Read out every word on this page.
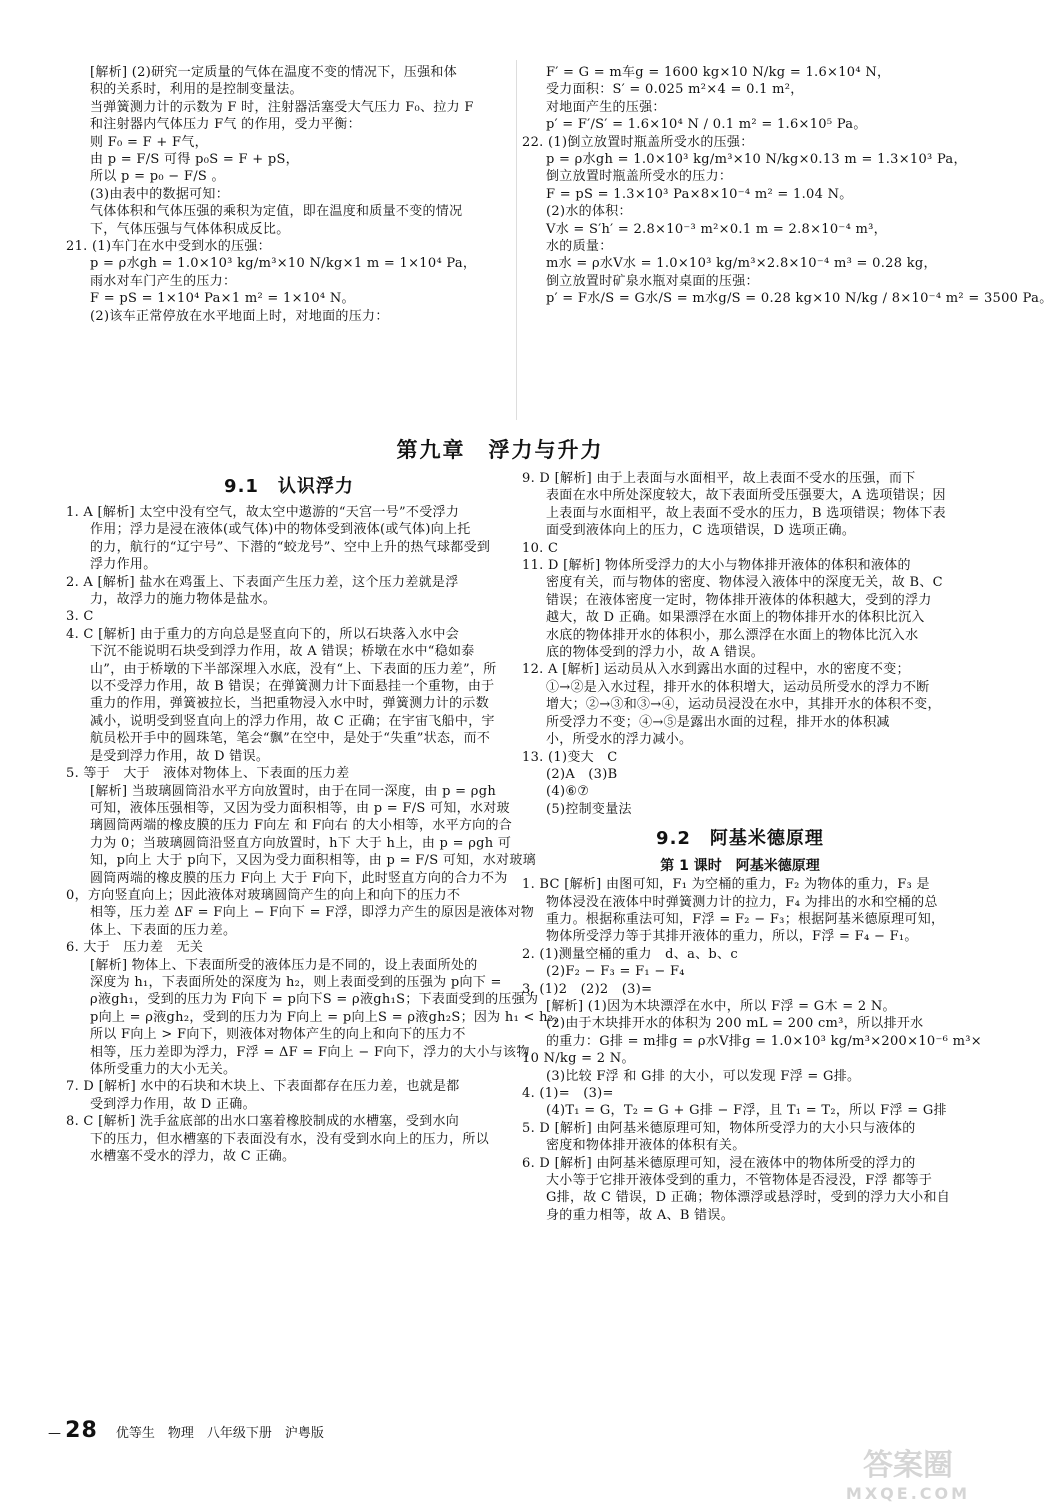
[解析] (2)研究一定质量的气体在温度不变的情况下，压强和体
积的关系时，利用的是控制变量法。
当弹簧测力计的示数为 F 时，注射器活塞受大气压力 F₀、拉力 F
和注射器内气体压力 F气 的作用，受力平衡：
则 F₀ = F + F气，
由 p = F/S 可得 p₀S = F + pS，
所以 p = p₀ − F/S 。
(3)由表中的数据可知：
气体体积和气体压强的乘积为定值，即在温度和质量不变的情况
下，气体压强与气体体积成反比。
21. (1)车门在水中受到水的压强：
p = ρ水gh = 1.0×10³ kg/m³×10 N/kg×1 m = 1×10⁴ Pa，
雨水对车门产生的压力：
F = pS = 1×10⁴ Pa×1 m² = 1×10⁴ N。
(2)该车正常停放在水平地面上时，对地面的压力：
F′ = G = m车g = 1600 kg×10 N/kg = 1.6×10⁴ N，
受力面积：S′ = 0.025 m²×4 = 0.1 m²，
对地面产生的压强：
p′ = F′/S′ = 1.6×10⁴ N / 0.1 m² = 1.6×10⁵ Pa。
22. (1)倒立放置时瓶盖所受水的压强：
p = ρ水gh = 1.0×10³ kg/m³×10 N/kg×0.13 m = 1.3×10³ Pa，
倒立放置时瓶盖所受水的压力：
F = pS = 1.3×10³ Pa×8×10⁻⁴ m² = 1.04 N。
(2)水的体积：
V水 = S′h′ = 2.8×10⁻³ m²×0.1 m = 2.8×10⁻⁴ m³，
水的质量：
m水 = ρ水V水 = 1.0×10³ kg/m³×2.8×10⁻⁴ m³ = 0.28 kg，
倒立放置时矿泉水瓶对桌面的压强：
p′ = F水/S = G水/S = m水g/S = 0.28 kg×10 N/kg / 8×10⁻⁴ m² = 3500 Pa。
第九章　浮力与升力
9.1　认识浮力
1. A [解析] 太空中没有空气，故太空中遨游的“天宫一号”不受浮力
作用；浮力是浸在液体(或气体)中的物体受到液体(或气体)向上托
的力，航行的“辽宁号”、下潜的“蛟龙号”、空中上升的热气球都受到
浮力作用。
2. A [解析] 盐水在鸡蛋上、下表面产生压力差，这个压力差就是浮
力，故浮力的施力物体是盐水。
3. C
4. C [解析] 由于重力的方向总是竖直向下的，所以石块落入水中会
下沉不能说明石块受到浮力作用，故 A 错误；桥墩在水中“稳如泰
山”，由于桥墩的下半部深埋入水底，没有“上、下表面的压力差”，所
以不受浮力作用，故 B 错误；在弹簧测力计下面悬挂一个重物，由于
重力的作用，弹簧被拉长，当把重物浸入水中时，弹簧测力计的示数
减小，说明受到竖直向上的浮力作用，故 C 正确；在宇宙飞船中，宇
航员松开手中的圆珠笔，笔会“飘”在空中，是处于“失重”状态，而不
是受到浮力作用，故 D 错误。
5. 等于　大于　液体对物体上、下表面的压力差
[解析] 当玻璃圆筒沿水平方向放置时，由于在同一深度，由 p = ρgh
可知，液体压强相等，又因为受力面积相等，由 p = F/S 可知，水对玻
璃圆筒两端的橡皮膜的压力 F向左 和 F向右 的大小相等，水平方向的合
力为 0；当玻璃圆筒沿竖直方向放置时，h下 大于 h上，由 p = ρgh 可
知，p向上 大于 p向下，又因为受力面积相等，由 p = F/S 可知，水对玻璃
圆筒两端的橡皮膜的压力 F向上 大于 F向下，此时竖直方向的合力不为
0，方向竖直向上；因此液体对玻璃圆筒产生的向上和向下的压力不
相等，压力差 ΔF = F向上 − F向下 = F浮，即浮力产生的原因是液体对物
体上、下表面的压力差。
6. 大于　压力差　无关
[解析] 物体上、下表面所受的液体压力是不同的，设上表面所处的
深度为 h₁，下表面所处的深度为 h₂，则上表面受到的压强为 p向下 =
ρ液gh₁，受到的压力为 F向下 = p向下S = ρ液gh₁S；下表面受到的压强为
p向上 = ρ液gh₂，受到的压力为 F向上 = p向上S = ρ液gh₂S；因为 h₁ < h₂，
所以 F向上 > F向下，则液体对物体产生的向上和向下的压力不
相等，压力差即为浮力，F浮 = ΔF = F向上 − F向下，浮力的大小与该物
体所受重力的大小无关。
7. D [解析] 水中的石块和木块上、下表面都存在压力差，也就是都
受到浮力作用，故 D 正确。
8. C [解析] 洗手盆底部的出水口塞着橡胶制成的水槽塞，受到水向
下的压力，但水槽塞的下表面没有水，没有受到水向上的压力，所以
水槽塞不受水的浮力，故 C 正确。
9. D [解析] 由于上表面与水面相平，故上表面不受水的压强，而下
表面在水中所处深度较大，故下表面所受压强要大，A 选项错误；因
上表面与水面相平，故上表面不受水的压力，B 选项错误；物体下表
面受到液体向上的压力，C 选项错误，D 选项正确。
10. C
11. D [解析] 物体所受浮力的大小与物体排开液体的体积和液体的
密度有关，而与物体的密度、物体浸入液体中的深度无关，故 B、C
错误；在液体密度一定时，物体排开液体的体积越大，受到的浮力
越大，故 D 正确。如果漂浮在水面上的物体排开水的体积比沉入
水底的物体排开水的体积小，那么漂浮在水面上的物体比沉入水
底的物体受到的浮力小，故 A 错误。
12. A [解析] 运动员从入水到露出水面的过程中，水的密度不变；
①→②是入水过程，排开水的体积增大，运动员所受水的浮力不断
增大；②→③和③→④，运动员浸没在水中，其排开水的体积不变，
所受浮力不变；④→⑤是露出水面的过程，排开水的体积减
小，所受水的浮力减小。
13. (1)变大　C
(2)A　(3)B
(4)⑥⑦
(5)控制变量法
9.2　阿基米德原理
第 1 课时　阿基米德原理
1. BC [解析] 由图可知，F₁ 为空桶的重力，F₂ 为物体的重力，F₃ 是
物体浸没在液体中时弹簧测力计的拉力，F₄ 为排出的水和空桶的总
重力。根据称重法可知，F浮 = F₂ − F₃；根据阿基米德原理可知，
物体所受浮力等于其排开液体的重力，所以，F浮 = F₄ − F₁。
2. (1)测量空桶的重力　d、a、b、c
(2)F₂ − F₃ = F₁ − F₄
3. (1)2　(2)2　(3)=
[解析] (1)因为木块漂浮在水中，所以 F浮 = G木 = 2 N。
(2)由于木块排开水的体积为 200 mL = 200 cm³，所以排开水
的重力：G排 = m排g = ρ水V排g = 1.0×10³ kg/m³×200×10⁻⁶ m³×
10 N/kg = 2 N。
(3)比较 F浮 和 G排 的大小，可以发现 F浮 = G排。
4. (1)=　(3)=
(4)T₁ = G，T₂ = G + G排 − F浮，且 T₁ = T₂，所以 F浮 = G排
5. D [解析] 由阿基米德原理可知，物体所受浮力的大小只与液体的
密度和物体排开液体的体积有关。
6. D [解析] 由阿基米德原理可知，浸在液体中的物体所受的浮力的
大小等于它排开液体受到的重力，不管物体是否浸没，F浮 都等于
G排，故 C 错误，D 正确；物体漂浮或悬浮时，受到的浮力大小和自
身的重力相等，故 A、B 错误。
— 28 优等生　物理　八年级下册　沪粤版
答案圈
MXQE.COM
